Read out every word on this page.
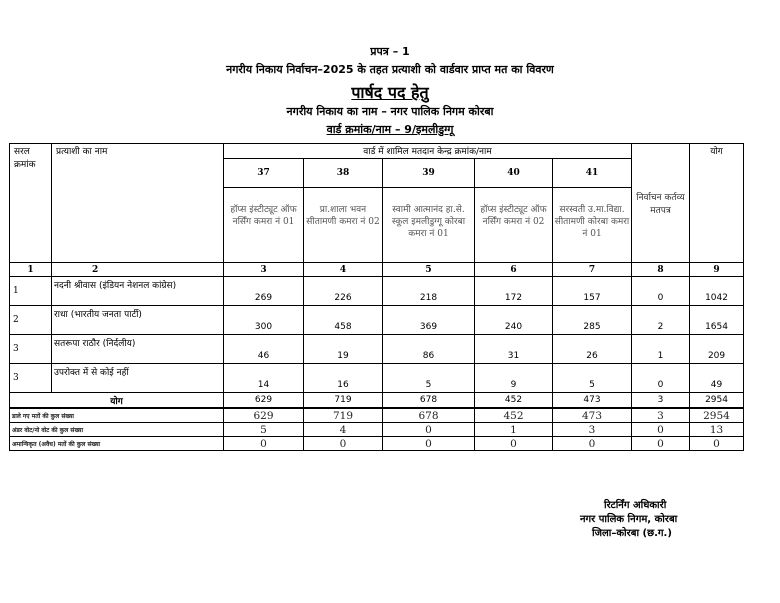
प्रपत्र – 1
नगरीय निकाय निर्वाचन–2025 के तहत प्रत्याशी को वार्डवार प्राप्त मत का विवरण
पार्षद पद हेतु
नगरीय निकाय का नाम – नगर पालिक निगम कोरबा
वार्ड क्रमांक/नाम – 9/इमलीडुग्गू
सरल क्रमांक	प्रत्याशी का नाम	वार्ड में शामिल मतदान केन्द्र क्रमांक/नाम					निर्वाचन कर्तव्य मतपत्र	योग
		37	38	39	40	41		
		हॉप्स इंस्टीट्यूट ऑफ नर्सिंग कमरा नं 01	प्रा.शाला भवन सीतामणी कमरा नं 02	स्वामी आत्मानंद हा.से. स्कूल इमलीडुग्गू कोरबा कमरा नं 01	हॉप्स इंस्टीट्यूट ऑफ नर्सिंग कमरा नं 02	सरस्वती उ.मा.विद्या. सीतामणी कोरबा कमरा नं 01		
1	2	3	4	5	6	7	8	9
1	नदनी श्रीवास (इंडियन नेशनल कांग्रेस)	269	226	218	172	157	0	1042
2	राधा (भारतीय जनता पार्टी)	300	458	369	240	285	2	1654
3	सतरूपा राठौर (निर्दलीय)	46	19	86	31	26	1	209
3	उपरोक्त में से कोई नहीं	14	16	5	9	5	0	49
योग		629	719	678	452	473	3	2954
डाले गए मतों की कुल संख्या	629	719	678	452	473	3	2954
अंडर वोट/नो वोट की कुल संख्या	5	4	0	1	3	0	13
अमान्यिकृत (अवैध) मतों की कुल संख्या	0	0	0	0	0	0	0
रिटर्निंग अधिकारी
नगर पालिक निगम, कोरबा
जिला–कोरबा (छ.ग.)
